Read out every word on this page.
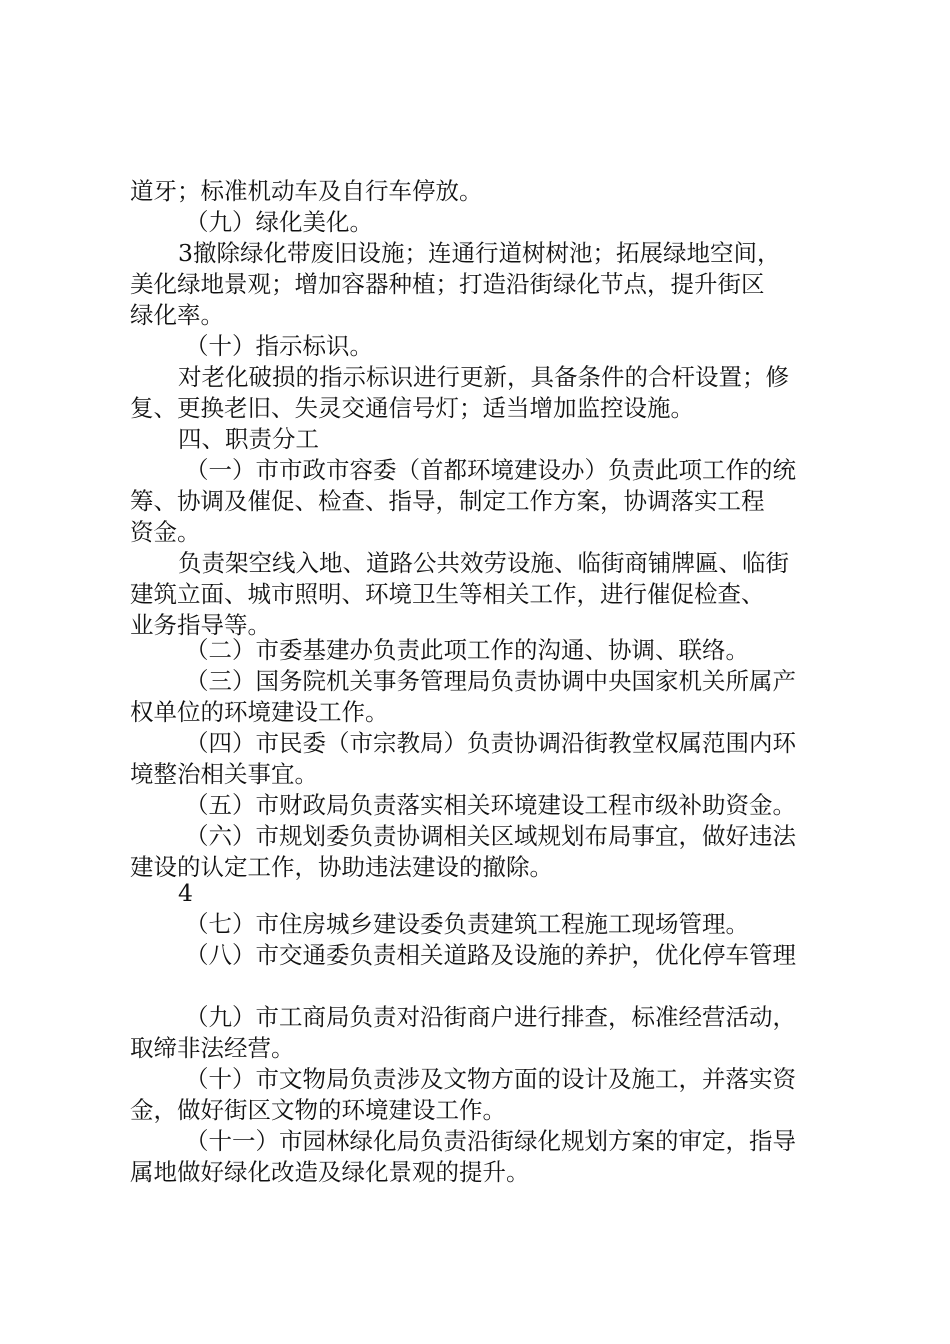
道牙；标准机动车及自行车停放。
（九）绿化美化。
3撤除绿化带废旧设施；连通行道树树池；拓展绿地空间，
美化绿地景观；增加容器种植；打造沿街绿化节点，提升街区
绿化率。
（十）指示标识。
对老化破损的指示标识进行更新，具备条件的合杆设置；修
复、更换老旧、失灵交通信号灯；适当增加监控设施。
四、职责分工
（一）市市政市容委（首都环境建设办）负责此项工作的统
筹、协调及催促、检查、指导，制定工作方案，协调落实工程
资金。
负责架空线入地、道路公共效劳设施、临街商铺牌匾、临街
建筑立面、城市照明、环境卫生等相关工作，进行催促检查、
业务指导等。
（二）市委基建办负责此项工作的沟通、协调、联络。
（三）国务院机关事务管理局负责协调中央国家机关所属产
权单位的环境建设工作。
（四）市民委（市宗教局）负责协调沿街教堂权属范围内环
境整治相关事宜。
（五）市财政局负责落实相关环境建设工程市级补助资金。
（六）市规划委负责协调相关区域规划布局事宜，做好违法
建设的认定工作，协助违法建设的撤除。
4
（七）市住房城乡建设委负责建筑工程施工现场管理。
（八）市交通委负责相关道路及设施的养护，优化停车管理
（九）市工商局负责对沿街商户进行排查，标准经营活动，
取缔非法经营。
（十）市文物局负责涉及文物方面的设计及施工，并落实资
金，做好街区文物的环境建设工作。
（十一）市园林绿化局负责沿街绿化规划方案的审定，指导
属地做好绿化改造及绿化景观的提升。
